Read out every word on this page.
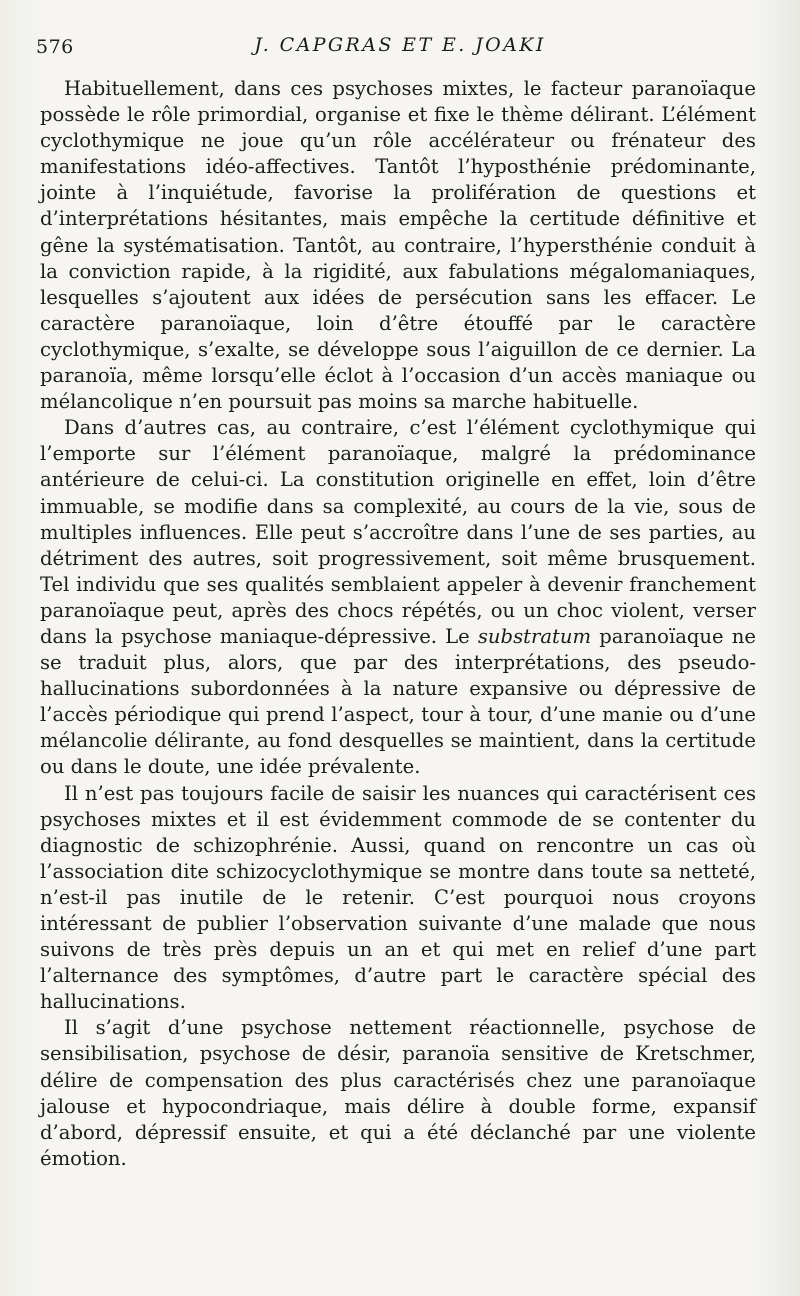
576	J. CAPGRAS ET E. JOAKI

Habituellement, dans ces psychoses mixtes, le facteur paranoïaque possède le rôle primordial, organise et fixe le thème délirant. L’élément cyclothymique ne joue qu’un rôle accélérateur ou frénateur des manifestations idéo-affectives. Tantôt l’hyposthénie prédominante, jointe à l’inquiétude, favorise la prolifération de questions et d’interprétations hésitantes, mais empêche la certitude définitive et gêne la systématisation. Tantôt, au contraire, l’hypersthénie conduit à la conviction rapide, à la rigidité, aux fabulations mégalomaniaques, lesquelles s’ajoutent aux idées de persécution sans les effacer. Le caractère paranoïaque, loin d’être étouffé par le caractère cyclothymique, s’exalte, se développe sous l’aiguillon de ce dernier. La paranoïa, même lorsqu’elle éclot à l’occasion d’un accès maniaque ou mélancolique n’en poursuit pas moins sa marche habituelle.

Dans d’autres cas, au contraire, c’est l’élément cyclothymique qui l’emporte sur l’élément paranoïaque, malgré la prédominance antérieure de celui-ci. La constitution originelle en effet, loin d’être immuable, se modifie dans sa complexité, au cours de la vie, sous de multiples influences. Elle peut s’accroître dans l’une de ses parties, au détriment des autres, soit progressivement, soit même brusquement. Tel individu que ses qualités semblaient appeler à devenir franchement paranoïaque peut, après des chocs répétés, ou un choc violent, verser dans la psychose maniaque-dépressive. Le substratum paranoïaque ne se traduit plus, alors, que par des interprétations, des pseudo-hallucinations subordonnées à la nature expansive ou dépressive de l’accès périodique qui prend l’aspect, tour à tour, d’une manie ou d’une mélancolie délirante, au fond desquelles se maintient, dans la certitude ou dans le doute, une idée prévalente.

Il n’est pas toujours facile de saisir les nuances qui caractérisent ces psychoses mixtes et il est évidemment commode de se contenter du diagnostic de schizophrénie. Aussi, quand on rencontre un cas où l’association dite schizocyclothymique se montre dans toute sa netteté, n’est-il pas inutile de le retenir. C’est pourquoi nous croyons intéressant de publier l’observation suivante d’une malade que nous suivons de très près depuis un an et qui met en relief d’une part l’alternance des symptômes, d’autre part le caractère spécial des hallucinations.

Il s’agit d’une psychose nettement réactionnelle, psychose de sensibilisation, psychose de désir, paranoïa sensitive de Kretschmer, délire de compensation des plus caractérisés chez une paranoïaque jalouse et hypocondriaque, mais délire à double forme, expansif d’abord, dépressif ensuite, et qui a été déclanché par une violente émotion.
